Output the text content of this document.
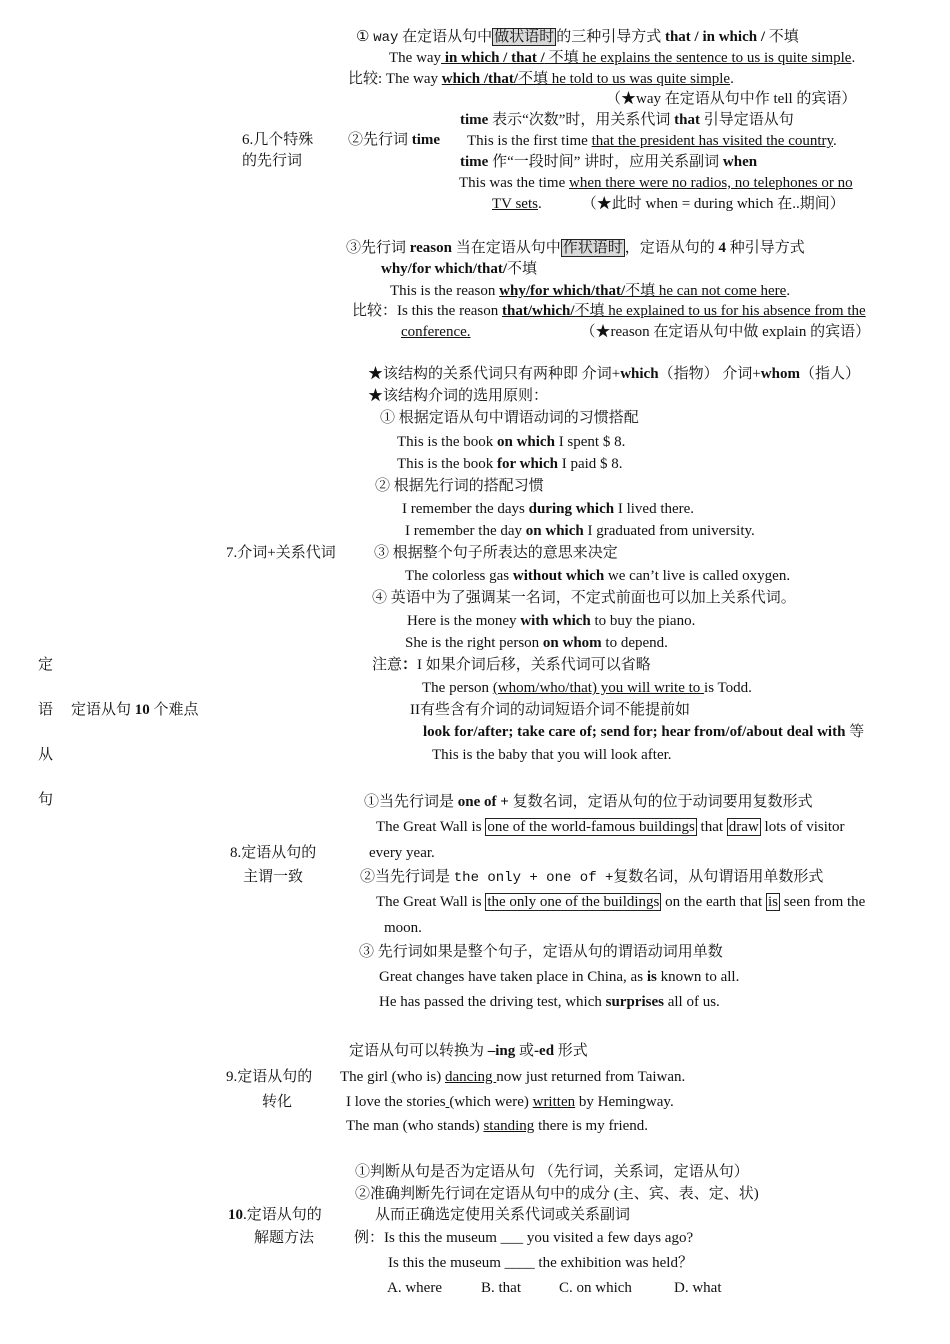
定
语
从
句
定语从句 10 个难点
6.几个特殊
的先行词
① way 在定语从句中 做状语时 的三种引导方式 that / in which / 不填
The way in which / that / 不填 he explains the sentence to us is quite simple.
比较: The way which /that/不填 he told to us was quite simple.
（★way 在定语从句中作 tell 的宾语）
②先行词 time
time 表示“次数”时，用关系代词 that 引导定语从句
This is the first time that the president has visited the country.
time 作“一段时间” 讲时，应用关系副词 when
This was the time when there were no radios, no telephones or no
TV sets.	（★此时 when = during which 在..期间）
③先行词 reason 当在定语从句中 作状语时 ，定语从句的 4 种引导方式
why/for which/that/不填
This is the reason why/for which/that/不填 he can not come here.
比较：Is this the reason that/which/不填 he explained to us for his absence from the
conference.	（★reason 在定语从句中做 explain 的宾语）
7.介词+关系代词
★该结构的关系代词只有两种即 介词+which（指物） 介词+whom（指人）
★该结构介词的选用原则：
① 根据定语从句中谓语动词的习惯搭配
This is the book on which I spent $ 8.
This is the book for which I paid $ 8.
② 根据先行词的搭配习惯
I remember the days during which I lived there.
I remember the day on which I graduated from university.
③ 根据整个句子所表达的意思来决定
The colorless gas without which we can’t live is called oxygen.
④ 英语中为了强调某一名词，不定式前面也可以加上关系代词。
Here is the money with which to buy the piano.
She is the right person on whom to depend.
注意：I 如果介词后移，关系代词可以省略
The person (whom/who/that) you will write to is Todd.
II有些含有介词的动词短语介词不能提前如
look for/after; take care of; send for; hear from/of/about deal with 等
This is the baby that you will look after.
8.定语从句的
主谓一致
①当先行词是 one of + 复数名词，定语从句的位于动词要用复数形式
The Great Wall is one of the world-famous buildings that draw lots of visitor
every year.
②当先行词是 the only + one of +复数名词，从句谓语用单数形式
The Great Wall is the only one of the buildings on the earth that is seen from the
moon.
③ 先行词如果是整个句子，定语从句的谓语动词用单数
Great changes have taken place in China, as is known to all.
He has passed the driving test, which surprises all of us.
9.定语从句的
转化
定语从句可以转换为 –ing 或-ed 形式
The girl (who is) dancing now just returned from Taiwan.
I love the stories (which were) written by Hemingway.
The man (who stands) standing there is my friend.
10.定语从句的
解题方法
①判断从句是否为定语从句 （先行词，关系词，定语从句）
②准确判断先行词在定语从句中的成分 (主、宾、表、定、状)
从而正确选定使用关系代词或关系副词
例：Is this the museum ___ you visited a few days ago?
Is this the museum ____ the exhibition was held？
A. where	B. that	C. on which	D. what
